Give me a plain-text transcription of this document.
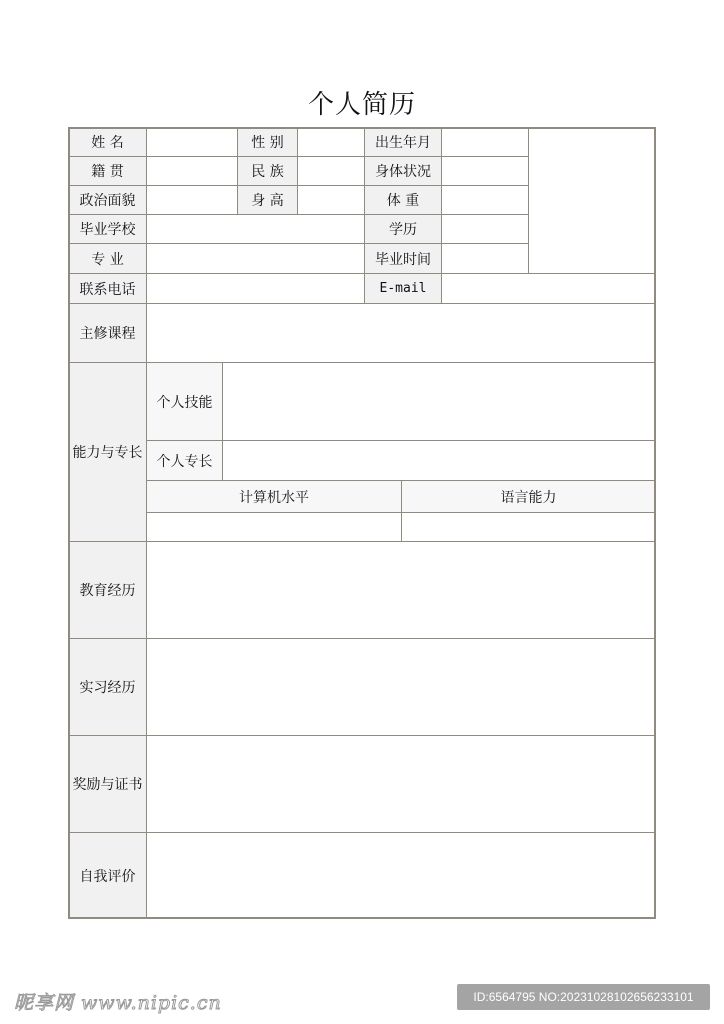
个人简历
姓 名	性 别	出生年月
籍 贯	民 族	身体状况
政治面貌	身 高	体 重
毕业学校	学历
专 业	毕业时间
联系电话	E-mail
主修课程
能力与专长
个人技能
个人专长
计算机水平	语言能力
教育经历
实习经历
奖励与证书
自我评价
昵享网 www.nipic.cn	ID:6564795 NO:20231028102656233101
